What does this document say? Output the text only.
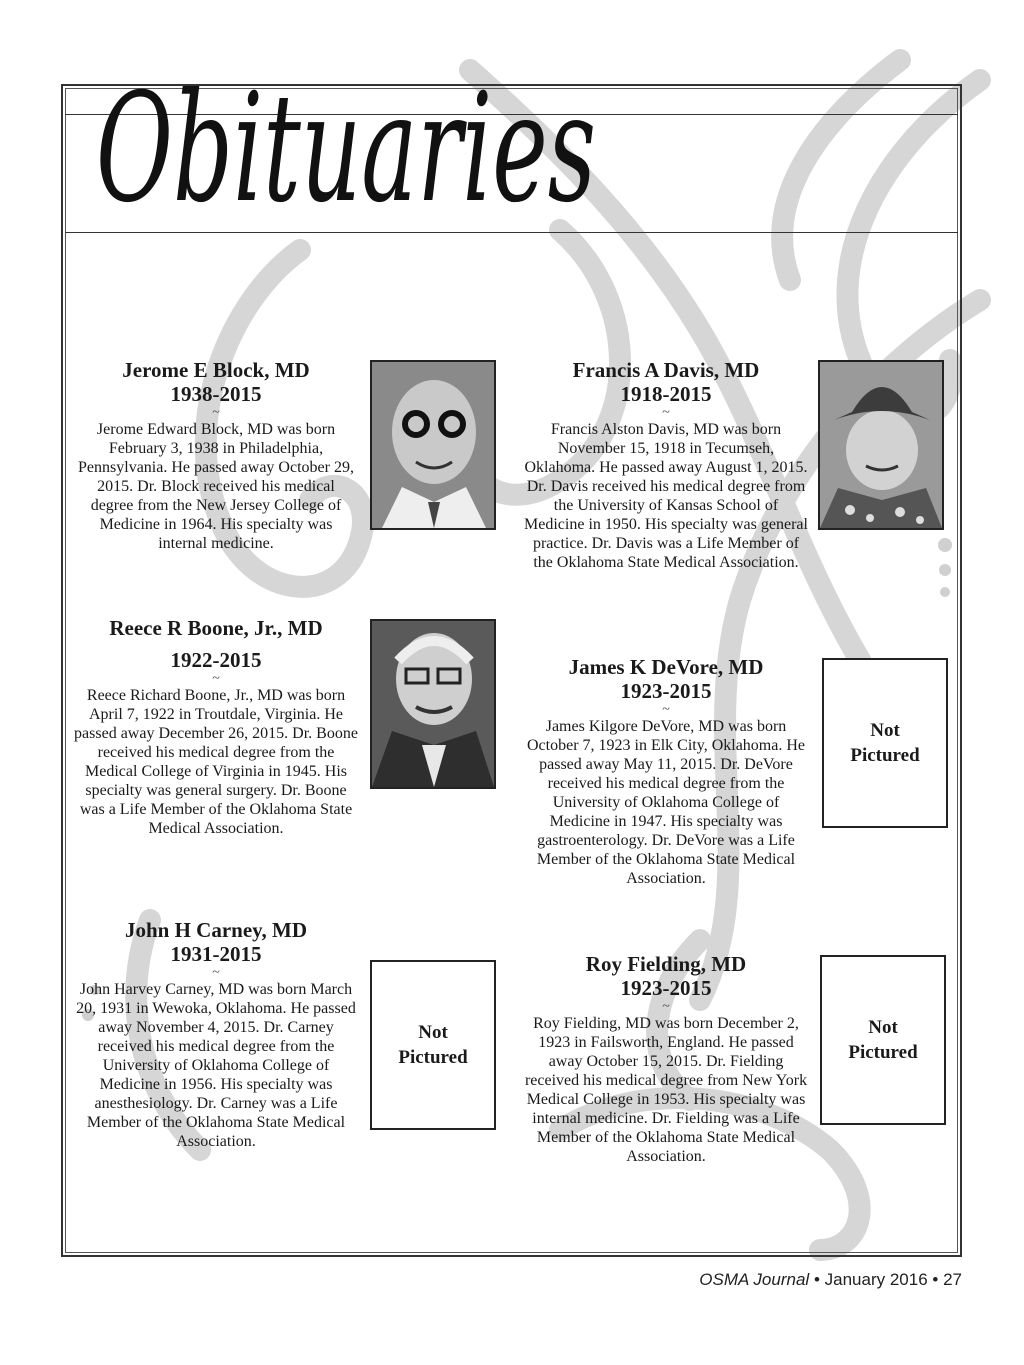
Obituaries
Jerome E Block, MD
1938-2015
~
Jerome Edward Block, MD was born February 3, 1938 in Philadelphia, Pennsylvania. He passed away October 29, 2015. Dr. Block received his medical degree from the New Jersey College of Medicine in 1964. His specialty was internal medicine.
Reece R Boone, Jr., MD
1922-2015
~
Reece Richard Boone, Jr., MD was born April 7, 1922 in Troutdale, Virginia. He passed away December 26, 2015. Dr. Boone received his medical degree from the Medical College of Virginia in 1945. His specialty was general surgery. Dr. Boone was a Life Member of the Oklahoma State Medical Association.
John H Carney, MD
1931-2015
~
John Harvey Carney, MD was born March 20, 1931 in Wewoka, Oklahoma. He passed away November 4, 2015. Dr. Carney received his medical degree from the University of Oklahoma College of Medicine in 1956. His specialty was anesthesiology. Dr. Carney was a Life Member of the Oklahoma State Medical Association.
Not
Pictured
Francis A Davis, MD
1918-2015
~
Francis Alston Davis, MD was born November 15, 1918 in Tecumseh, Oklahoma. He passed away August 1, 2015. Dr. Davis received his medical degree from the University of Kansas School of Medicine in 1950. His specialty was general practice. Dr. Davis was a Life Member of the Oklahoma State Medical Association.
James K DeVore, MD
1923-2015
~
James Kilgore DeVore, MD was born October 7, 1923 in Elk City, Oklahoma. He passed away May 11, 2015. Dr. DeVore received his medical degree from the University of Oklahoma College of Medicine in 1947. His specialty was gastroenterology. Dr. DeVore was a Life Member of the Oklahoma State Medical Association.
Not
Pictured
Roy Fielding, MD
1923-2015
~
Roy Fielding, MD was born December 2, 1923 in Failsworth, England. He passed away October 15, 2015. Dr. Fielding received his medical degree from New York Medical College in 1953. His specialty was internal medicine. Dr. Fielding was a Life Member of the Oklahoma State Medical Association.
Not
Pictured
OSMA Journal • January 2016 • 27
